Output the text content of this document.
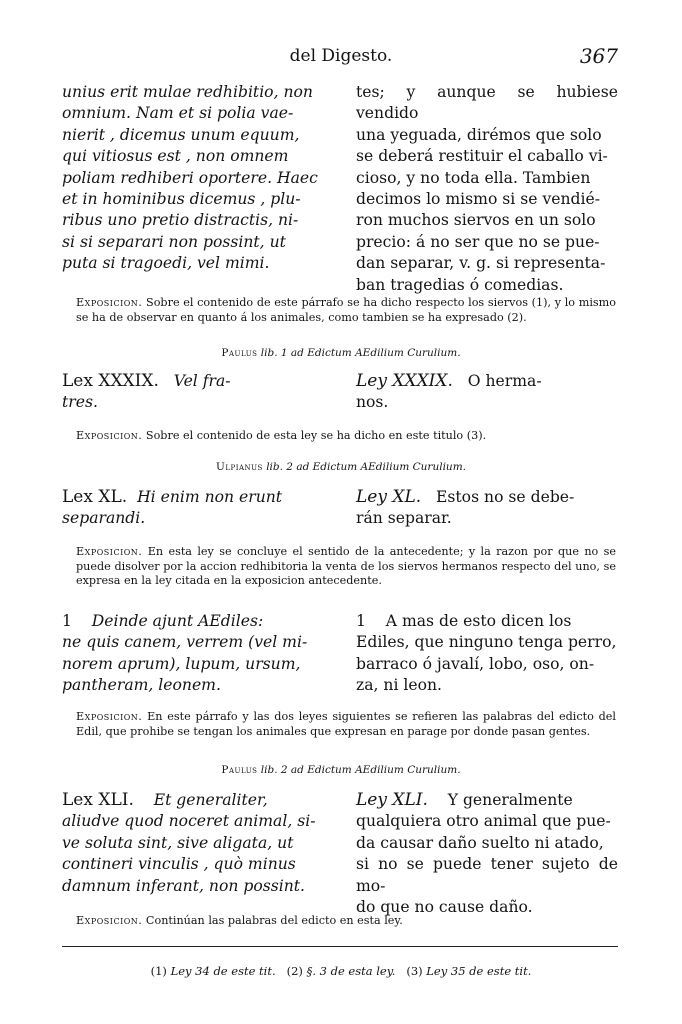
del Digesto.	367
unius erit mulae redhibitio, non
omnium. Nam et si polia vae-
nierit , dicemus unum equum,
qui vitiosus est , non omnem
poliam redhiberi oportere. Haec
et in hominibus dicemus , plu-
ribus uno pretio distractis, ni-
si si separari non possint, ut
puta si tragoedi, vel mimi.
tes; y aunque se hubiese vendido
una yeguada, dirémos que solo
se deberá restituir el caballo vi-
cioso, y no toda ella. Tambien
decimos lo mismo si se vendié-
ron muchos siervos en un solo
precio: á no ser que no se pue-
dan separar, v. g. si representa-
ban tragedias ó comedias.
Exposicion. Sobre el contenido de este párrafo se ha dicho respecto los siervos (1), y lo mismo se ha de observar en quanto á los animales, como tambien se ha expresado (2).
Paulus lib. 1 ad Edictum AEdilium Curulium.
Lex XXXIX. Vel fra-
tres.
Ley XXXIX. O herma-
nos.
Exposicion. Sobre el contenido de esta ley se ha dicho en este titulo (3).
Ulpianus lib. 2 ad Edictum AEdilium Curulium.
Lex XL. Hi enim non erunt
separandi.
Ley XL. Estos no se debe-
rán separar.
Exposicion. En esta ley se concluye el sentido de la antecedente; y la razon por que no se puede disolver por la accion redhibitoria la venta de los siervos hermanos respecto del uno, se expresa en la ley citada en la exposicion antecedente.
1 Deinde ajunt AEdiles:
ne quis canem, verrem (vel mi-
norem aprum), lupum, ursum,
pantheram, leonem.
1 A mas de esto dicen los
Ediles, que ninguno tenga perro,
barraco ó javalí, lobo, oso, on-
za, ni leon.
Exposicion. En este párrafo y las dos leyes siguientes se refieren las palabras del edicto del Edil, que prohibe se tengan los animales que expresan en parage por donde pasan gentes.
Paulus lib. 2 ad Edictum AEdilium Curulium.
Lex XLI. Et generaliter,
aliudve quod noceret animal, si-
ve soluta sint, sive aligata, ut
contineri vinculis , quò minus
damnum inferant, non possint.
Ley XLI. Y generalmente
qualquiera otro animal que pue-
da causar daño suelto ni atado,
si no se puede tener sujeto de mo-
do que no cause daño.
Exposicion. Continúan las palabras del edicto en esta ley.
(1) Ley 34 de este tit. (2) §. 3 de esta ley. (3) Ley 35 de este tit.
